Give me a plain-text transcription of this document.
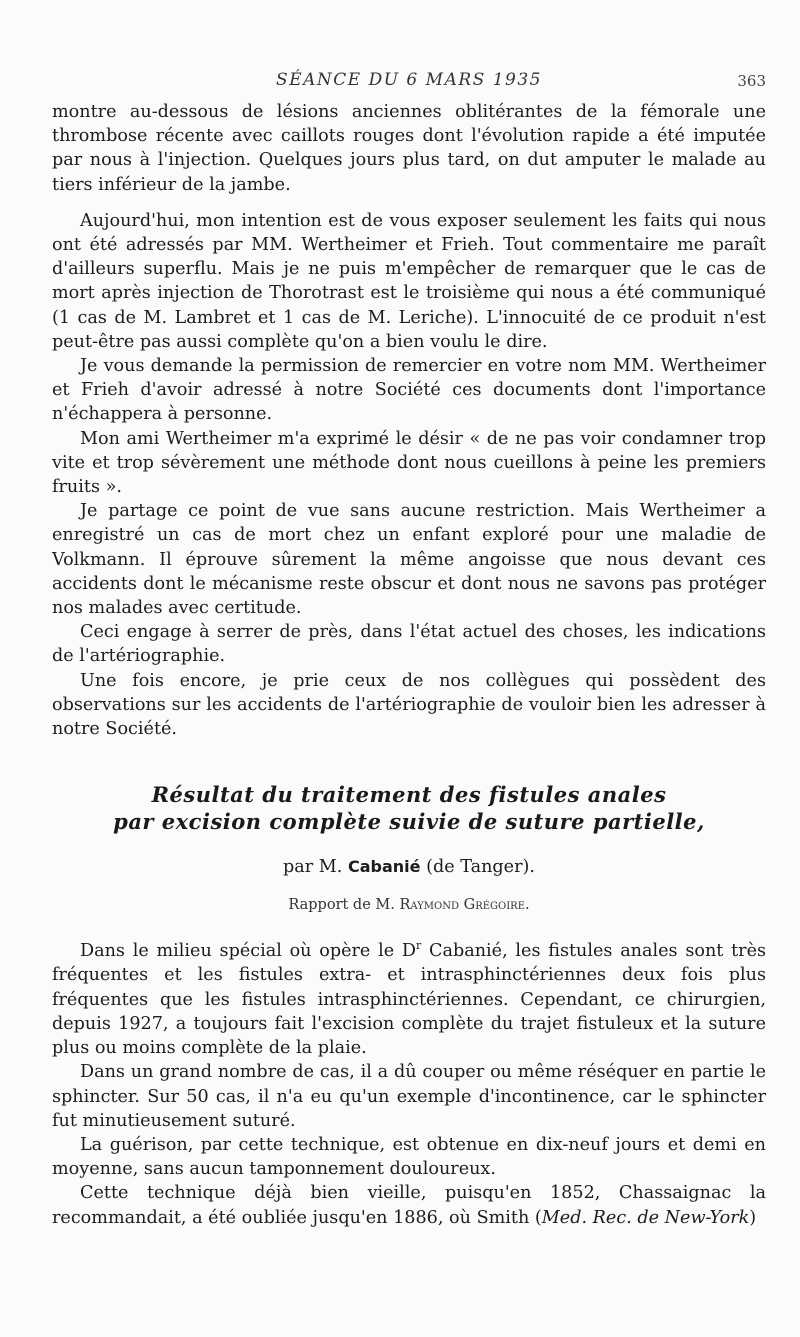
SÉANCE DU 6 MARS 1935	363

montre au-dessous de lésions anciennes oblitérantes de la fémorale une thrombose récente avec caillots rouges dont l'évolution rapide a été imputée par nous à l'injection. Quelques jours plus tard, on dut amputer le malade au tiers inférieur de la jambe.

Aujourd'hui, mon intention est de vous exposer seulement les faits qui nous ont été adressés par MM. Wertheimer et Frieh. Tout commentaire me paraît d'ailleurs superflu. Mais je ne puis m'empêcher de remarquer que le cas de mort après injection de Thorotrast est le troisième qui nous a été communiqué (1 cas de M. Lambret et 1 cas de M. Leriche). L'innocuité de ce produit n'est peut-être pas aussi complète qu'on a bien voulu le dire.

Je vous demande la permission de remercier en votre nom MM. Wertheimer et Frieh d'avoir adressé à notre Société ces documents dont l'importance n'échappera à personne.

Mon ami Wertheimer m'a exprimé le désir « de ne pas voir condamner trop vite et trop sévèrement une méthode dont nous cueillons à peine les premiers fruits ».

Je partage ce point de vue sans aucune restriction. Mais Wertheimer a enregistré un cas de mort chez un enfant exploré pour une maladie de Volkmann. Il éprouve sûrement la même angoisse que nous devant ces accidents dont le mécanisme reste obscur et dont nous ne savons pas protéger nos malades avec certitude.

Ceci engage à serrer de près, dans l'état actuel des choses, les indications de l'artériographie.

Une fois encore, je prie ceux de nos collègues qui possèdent des observations sur les accidents de l'artériographie de vouloir bien les adresser à notre Société.

Résultat du traitement des fistules anales
par excision complète suivie de suture partielle,
par M. Cabanié (de Tanger).
Rapport de M. Raymond Grégoire.

Dans le milieu spécial où opère le $D^r$ Cabanié, les fistules anales sont très fréquentes et les fistules extra- et intrasphinctériennes deux fois plus fréquentes que les fistules intrasphinctériennes. Cependant, ce chirurgien, depuis 1927, a toujours fait l'excision complète du trajet fistuleux et la suture plus ou moins complète de la plaie.

Dans un grand nombre de cas, il a dû couper ou même réséquer en partie le sphincter. Sur 50 cas, il n'a eu qu'un exemple d'incontinence, car le sphincter fut minutieusement suturé.

La guérison, par cette technique, est obtenue en dix-neuf jours et demi en moyenne, sans aucun tamponnement douloureux.

Cette technique déjà bien vieille, puisqu'en 1852, Chassaignac la recommandait, a été oubliée jusqu'en 1886, où Smith (Med. Rec. de New-York)
